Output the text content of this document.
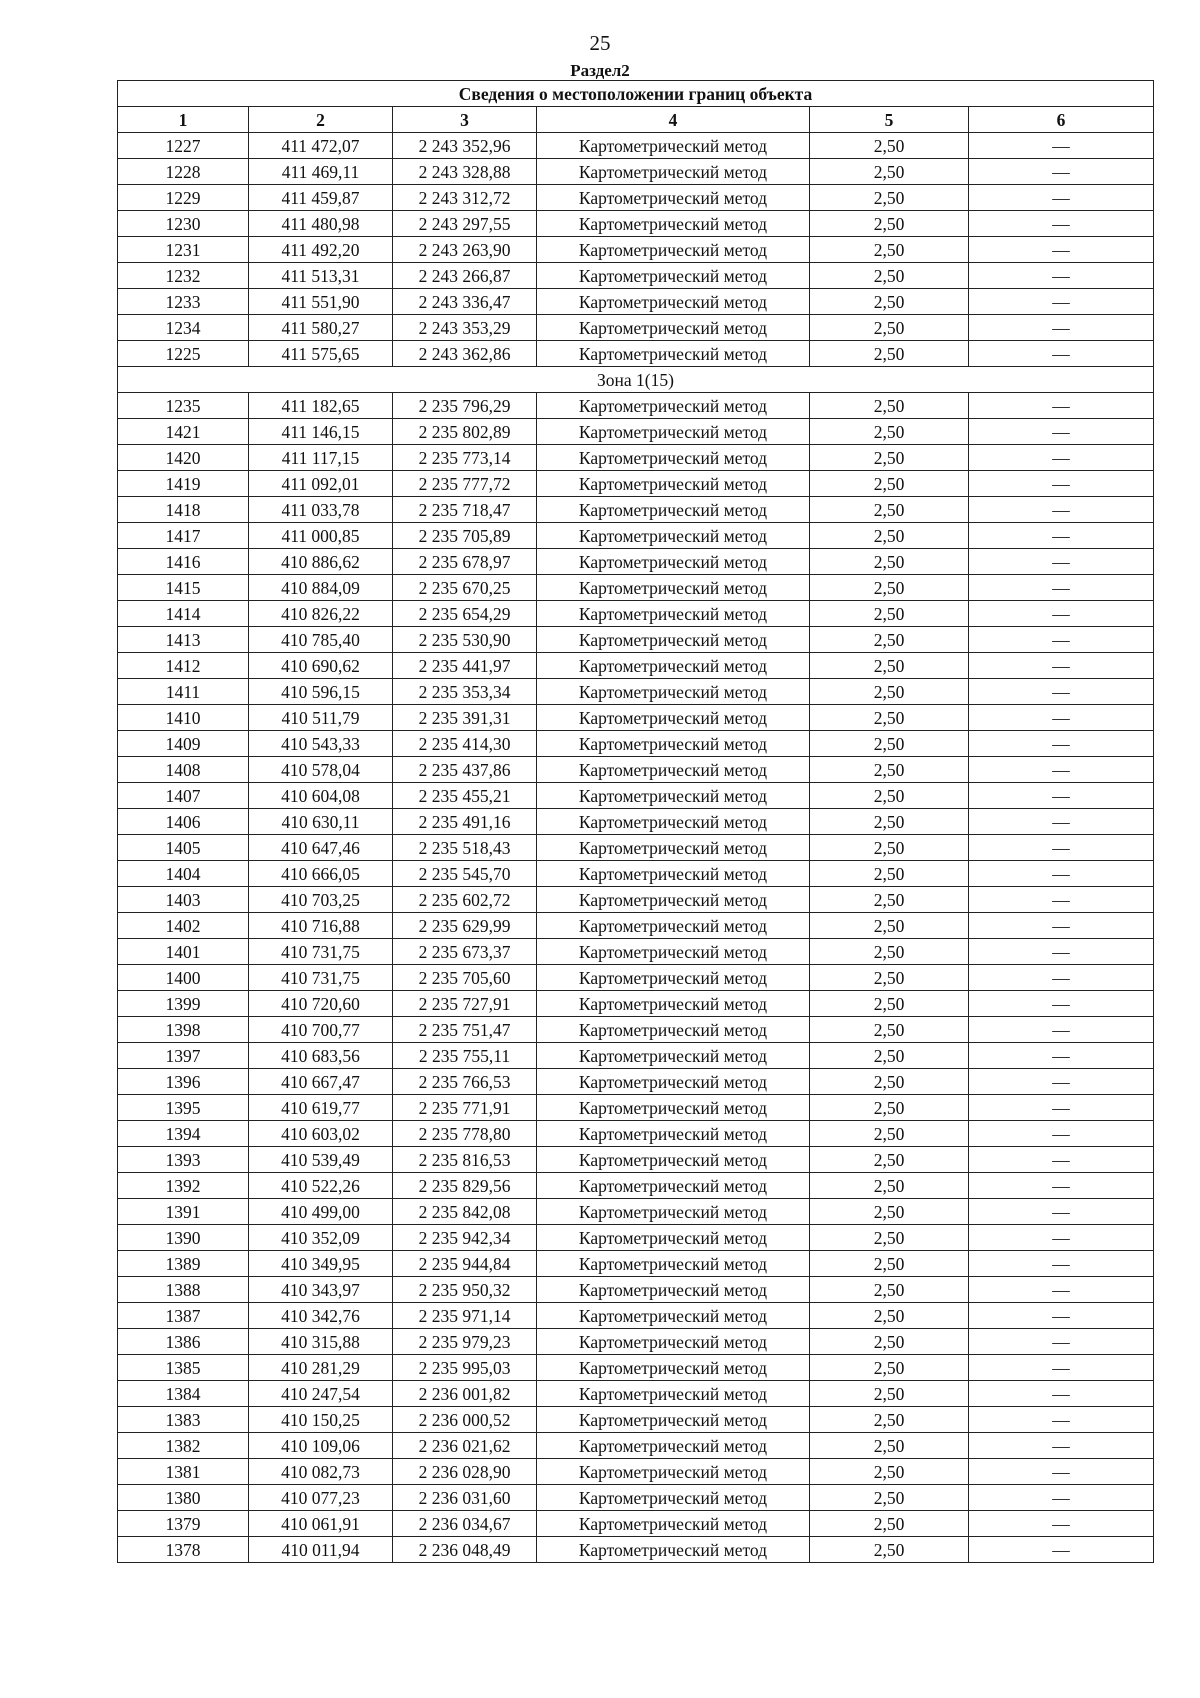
25
Раздел2
Сведения о местоположении границ объекта					
1	2	3	4	5	6
1227	411 472,07	2 243 352,96	Картометрический метод	2,50	—
1228	411 469,11	2 243 328,88	Картометрический метод	2,50	—
1229	411 459,87	2 243 312,72	Картометрический метод	2,50	—
1230	411 480,98	2 243 297,55	Картометрический метод	2,50	—
1231	411 492,20	2 243 263,90	Картометрический метод	2,50	—
1232	411 513,31	2 243 266,87	Картометрический метод	2,50	—
1233	411 551,90	2 243 336,47	Картометрический метод	2,50	—
1234	411 580,27	2 243 353,29	Картометрический метод	2,50	—
1225	411 575,65	2 243 362,86	Картометрический метод	2,50	—
Зона 1(15)					
1235	411 182,65	2 235 796,29	Картометрический метод	2,50	—
1421	411 146,15	2 235 802,89	Картометрический метод	2,50	—
1420	411 117,15	2 235 773,14	Картометрический метод	2,50	—
1419	411 092,01	2 235 777,72	Картометрический метод	2,50	—
1418	411 033,78	2 235 718,47	Картометрический метод	2,50	—
1417	411 000,85	2 235 705,89	Картометрический метод	2,50	—
1416	410 886,62	2 235 678,97	Картометрический метод	2,50	—
1415	410 884,09	2 235 670,25	Картометрический метод	2,50	—
1414	410 826,22	2 235 654,29	Картометрический метод	2,50	—
1413	410 785,40	2 235 530,90	Картометрический метод	2,50	—
1412	410 690,62	2 235 441,97	Картометрический метод	2,50	—
1411	410 596,15	2 235 353,34	Картометрический метод	2,50	—
1410	410 511,79	2 235 391,31	Картометрический метод	2,50	—
1409	410 543,33	2 235 414,30	Картометрический метод	2,50	—
1408	410 578,04	2 235 437,86	Картометрический метод	2,50	—
1407	410 604,08	2 235 455,21	Картометрический метод	2,50	—
1406	410 630,11	2 235 491,16	Картометрический метод	2,50	—
1405	410 647,46	2 235 518,43	Картометрический метод	2,50	—
1404	410 666,05	2 235 545,70	Картометрический метод	2,50	—
1403	410 703,25	2 235 602,72	Картометрический метод	2,50	—
1402	410 716,88	2 235 629,99	Картометрический метод	2,50	—
1401	410 731,75	2 235 673,37	Картометрический метод	2,50	—
1400	410 731,75	2 235 705,60	Картометрический метод	2,50	—
1399	410 720,60	2 235 727,91	Картометрический метод	2,50	—
1398	410 700,77	2 235 751,47	Картометрический метод	2,50	—
1397	410 683,56	2 235 755,11	Картометрический метод	2,50	—
1396	410 667,47	2 235 766,53	Картометрический метод	2,50	—
1395	410 619,77	2 235 771,91	Картометрический метод	2,50	—
1394	410 603,02	2 235 778,80	Картометрический метод	2,50	—
1393	410 539,49	2 235 816,53	Картометрический метод	2,50	—
1392	410 522,26	2 235 829,56	Картометрический метод	2,50	—
1391	410 499,00	2 235 842,08	Картометрический метод	2,50	—
1390	410 352,09	2 235 942,34	Картометрический метод	2,50	—
1389	410 349,95	2 235 944,84	Картометрический метод	2,50	—
1388	410 343,97	2 235 950,32	Картометрический метод	2,50	—
1387	410 342,76	2 235 971,14	Картометрический метод	2,50	—
1386	410 315,88	2 235 979,23	Картометрический метод	2,50	—
1385	410 281,29	2 235 995,03	Картометрический метод	2,50	—
1384	410 247,54	2 236 001,82	Картометрический метод	2,50	—
1383	410 150,25	2 236 000,52	Картометрический метод	2,50	—
1382	410 109,06	2 236 021,62	Картометрический метод	2,50	—
1381	410 082,73	2 236 028,90	Картометрический метод	2,50	—
1380	410 077,23	2 236 031,60	Картометрический метод	2,50	—
1379	410 061,91	2 236 034,67	Картометрический метод	2,50	—
1378	410 011,94	2 236 048,49	Картометрический метод	2,50	—
